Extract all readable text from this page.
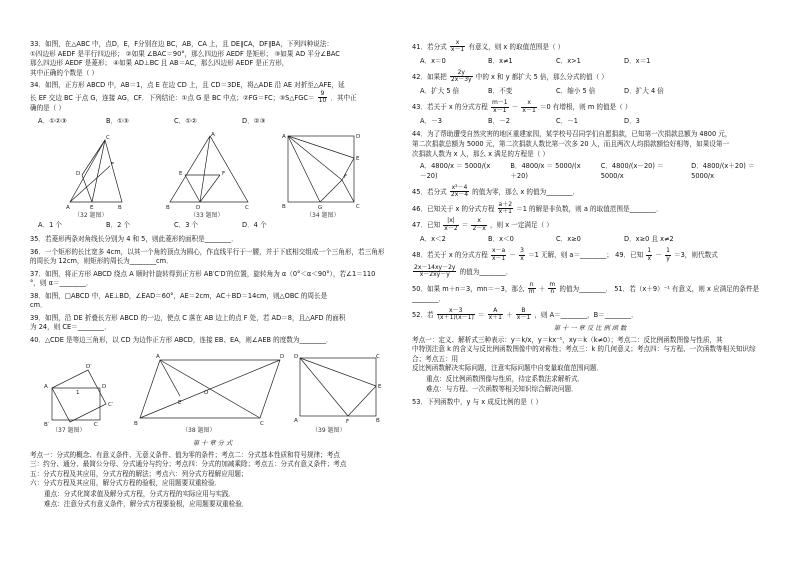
33．如图，在△ABC 中，点D，E，F分别在边 BC，AB，CA 上，且 DE∥CA，DF∥BA，下列四种说法：
①四边形 AEDF 是平行四边形； ②如果 ∠BAC＝90°，那么四边形 AEDF 是矩形； ③如果 AD 平分∠BAC
那么四边形 AEDF 是菱形； ④如果 AD⊥BC 且 AB＝AC，那么四边形 AEDF 是正方形，
其中正确的个数是（ ）
34．如图，正方形 ABCD 中，AB＝1，点 E 在边 CD 上，且 CD＝3DE，将△ADE 沿 AE 对折至△AFE，延
长 EF 交边 BC 于点 G，连接 AG，CF．下列结论：①点 G 是 BC 中点；②FG＝FC；③S△FGC＝ $\frac{9}{10}$ ．其中正
确的是（ ）
A．①②③	B．①③	C．①②	D．②③
A	E	B
C
D
F
B	D	C
A
E	F
A	D
B	C
E
F
G
（32 题图）	（33 题图）	（34 题图）
A．1 个	B．2 个	C．3 个	D．4 个
35．若菱形两条对角线长分别为 4 和 5，则此菱形的面积是________．
36．一个矩形的长比宽多 4cm，以其一个角的顶点为圆心，作直线平行于一腰，并于下底相交组成一个三角形，若三角形
的周长为 12cm，则矩形的周长为________cm．
37．如图，将正方形 ABCD 绕点 A 顺时针旋转得到正方形 AB′C′D′的位置，旋转角为 α（0°＜α＜90°），若∠1＝110
°，则 α＝________．
38．如图，□ABCD 中，AE⊥BD，∠EAD＝60°，AE＝2cm，AC＋BD＝14cm，则△OBC 的周长是
cm．
39．如图，沿 DE 折叠长方形 ABCD 的一边，使点 C 落在 AB 边上的点 F 处，若 AD＝8，且△AFD 的面积
为 24，则 CE＝________．
40．△CDE 是等边三角形，以 CD 为边作正方形 ABCD，连接 EB、EA，则∠AEB 的度数为________．
A
D′
D
B′	C
C′
1
A	D
B	C
O
E
D	C
A	F	B
E
（37 题图）	（38 题图）	（39 题图）
第 十 章 分 式
考点一：分式的概念、有意义条件、无意义条件、值为零的条件；考点二：分式基本性质和符号规律；考点
三：约分、通分、最简公分母、分式通分与约分；考点四：分式的加减乘除；考点五：分式有意义条件；考点
五：分式方程及其应用，分式方程的解法；考点六：列分式方程解应用题；
六：分式方程及其应用，解分式方程的验根，应用题要双重检验．
重点：分式化简求值及解分式方程，分式方程的实际应用与实践．
难点：注意分式有意义条件，解分式方程要验根，应用题要双重检验．
41．若分式 $\frac{x}{x-1}$ 有意义，则 x 的取值范围是（ ）
A．x＝0	B．x≠1	C．x>1	D．x＝1
42．如果把 $\frac{2y}{2x-3y}$ 中的 x 和 y 都扩大 5 倍，那么分式的值（ ）
A．扩大 5 倍	B．不变	C．缩小 5 倍	D．扩大 4 倍
43．若关于 x 的分式方程 $\frac{m-1}{x-1} - \frac{x}{x-1} =0$ 有增根，则 m 的值是（ ）
A．－3	B．－2	C．－1	D．3
44．为了帮助遭受自然灾害的地区重建家园，某学校号召同学们自愿捐款，已知第一次捐款总额为 4800 元，
第二次捐款总额为 5000 元，第二次捐款人数比第一次多 20 人，而且两次人均捐款额恰好相等，如果设第一
次捐款人数为 x 人，那么 x 满足的方程是（ ）
A．4800/x ＝ 5000/(x－20)
B．4800/x ＝ 5000/(x＋20)
C．4800/(x－20) ＝ 5000/x
D．4800/(x＋20) ＝ 5000/x
45．若分式 $\frac{\text{x²－4}}{2x-4}$ 的值为零，那么 x 的值为________．
46．已知关于 x 的分式方程 $\frac{a+2}{x+1} =1$ 的解是非负数，则 a 的取值范围是________．
47．已知 $\frac{|x|}{x-2} = \frac{x}{2-x}$ ，则 x 一定满足（ ）
A．x＜2	B．x＜0	C．x≥0	D．x≥0 且 x≠2
48．若关于 x 的分式方程 $\frac{x-a}{x-1} - \frac{3}{x} =1$ 无解，则 a＝________； 49．已知 $\frac{1}{x} - \frac{1}{y} =3$，则代数式
$\frac{2x-14xy-2y}{x-2xy-y}$ 的值为________．
50．如果 m＋n＝3，mn＝－3，那么 $\frac{n}{m} + \frac{m}{n}$ 的值为________． 51．若（x＋9）⁻¹ 有意义，则 x 应满足的条件是________．
52．若 $\frac{x-3}{(x+1)(x-1)} = \frac{A}{x+1} + \frac{B}{x-1}$ ，则 A＝________，B＝________．
第 十 一 章 反 比 例 函 数
考点一：定义、解析式三种表示：y＝k/x，y＝kx⁻¹，xy＝k（k≠0）；考点二：反比例函数图像与性质，其
中特别注意 k 的含义与反比例函数图像中的对称性；考点三：k 的几何意义；考点四：与方程、一次函数等相关知识综合；考点五：用
反比例函数解决实际问题，注意实际问题中自变量取值范围问题．
重点：反比例函数图像与性质，待定系数法求解析式．
难点：与方程、一次函数等相关知识综合解决问题．
53．下列函数中，y 与 x 成反比例的是（ ）
